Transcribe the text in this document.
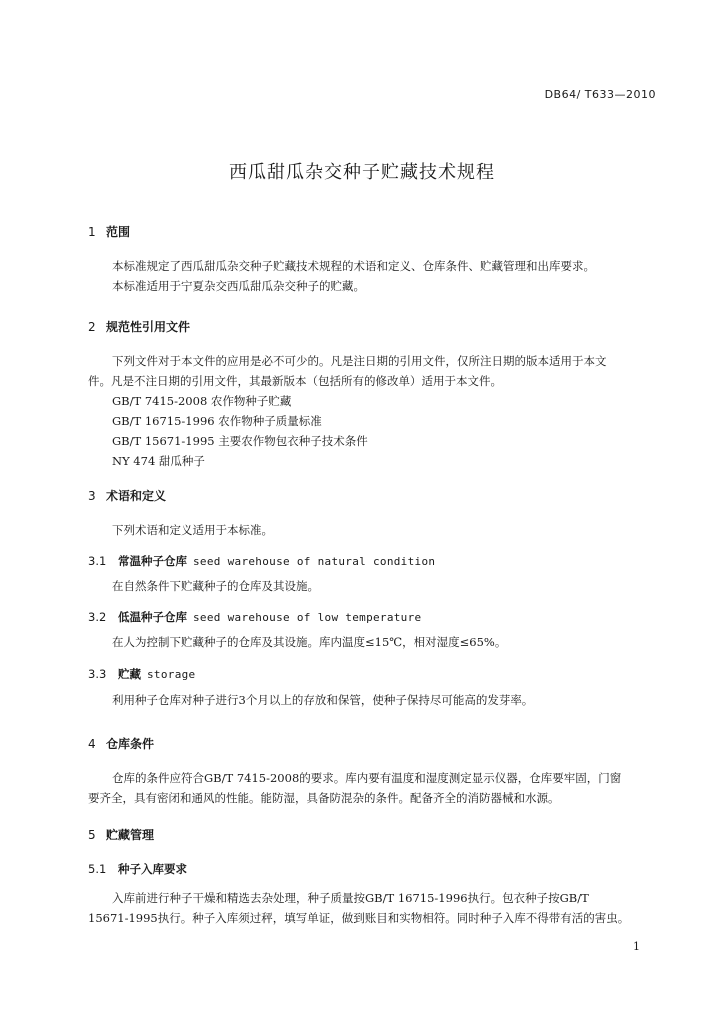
DB64/ T633—2010
西瓜甜瓜杂交种子贮藏技术规程
1 范围
本标准规定了西瓜甜瓜杂交种子贮藏技术规程的术语和定义、仓库条件、贮藏管理和出库要求。
本标准适用于宁夏杂交西瓜甜瓜杂交种子的贮藏。
2 规范性引用文件
下列文件对于本文件的应用是必不可少的。凡是注日期的引用文件，仅所注日期的版本适用于本文
件。凡是不注日期的引用文件，其最新版本（包括所有的修改单）适用于本文件。
GB/T 7415-2008 农作物种子贮藏
GB/T 16715-1996 农作物种子质量标准
GB/T 15671-1995 主要农作物包衣种子技术条件
NY 474 甜瓜种子
3 术语和定义
下列术语和定义适用于本标准。
3.1 常温种子仓库 seed warehouse of natural condition
在自然条件下贮藏种子的仓库及其设施。
3.2 低温种子仓库 seed warehouse of low temperature
在人为控制下贮藏种子的仓库及其设施。库内温度≤15℃，相对湿度≤65%。
3.3 贮藏 storage
利用种子仓库对种子进行3个月以上的存放和保管，使种子保持尽可能高的发芽率。
4 仓库条件
仓库的条件应符合GB/T 7415-2008的要求。库内要有温度和湿度测定显示仪器，仓库要牢固，门窗
要齐全，具有密闭和通风的性能。能防湿，具备防混杂的条件。配备齐全的消防器械和水源。
5 贮藏管理
5.1 种子入库要求
入库前进行种子干燥和精选去杂处理，种子质量按GB/T 16715-1996执行。包衣种子按GB/T
15671-1995执行。种子入库须过秤，填写单证，做到账目和实物相符。同时种子入库不得带有活的害虫。
1
